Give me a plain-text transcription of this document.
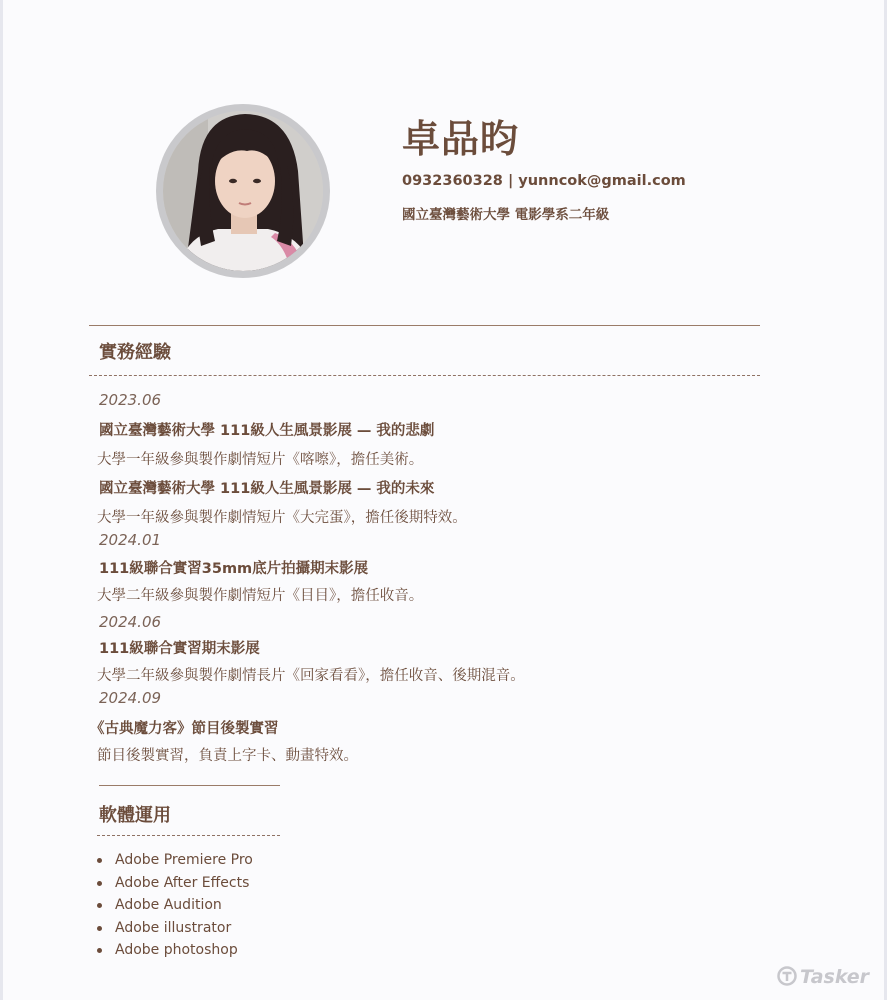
卓品昀
0932360328 | yunncok@gmail.com
國立臺灣藝術大學 電影學系二年級
實務經驗
2023.06
國立臺灣藝術大學 111級人生風景影展 — 我的悲劇
大學一年級參與製作劇情短片《喀嚓》，擔任美術。
國立臺灣藝術大學 111級人生風景影展 — 我的未來
大學一年級參與製作劇情短片《大完蛋》，擔任後期特效。
2024.01
111級聯合實習35mm底片拍攝期末影展
大學二年級參與製作劇情短片《目目》，擔任收音。
2024.06
111級聯合實習期末影展
大學二年級參與製作劇情長片《回家看看》，擔任收音、後期混音。
2024.09
《古典魔力客》節目後製實習
節目後製實習，負責上字卡、動畫特效。
軟體運用
Adobe Premiere Pro
Adobe After Effects
Adobe Audition
Adobe illustrator
Adobe photoshop
Tasker
